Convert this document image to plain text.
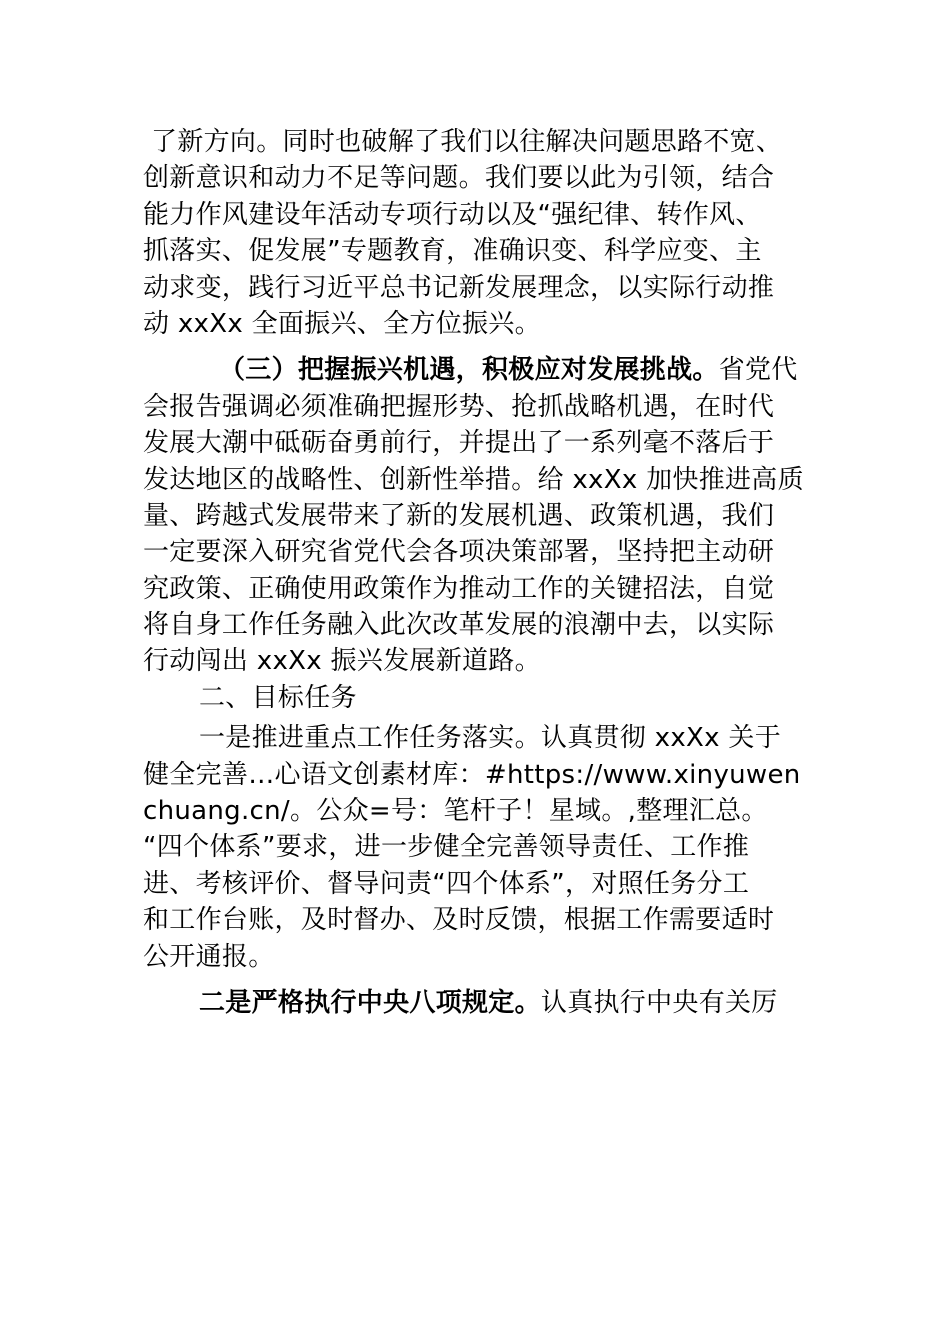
了新方向。同时也破解了我们以往解决问题思路不宽、
创新意识和动力不足等问题。我们要以此为引领，结合
能力作风建设年活动专项行动以及“强纪律、转作风、
抓落实、促发展”专题教育，准确识变、科学应变、主
动求变，践行习近平总书记新发展理念，以实际行动推
动 xxXx 全面振兴、全方位振兴。
（三）把握振兴机遇，积极应对发展挑战。省党代
会报告强调必须准确把握形势、抢抓战略机遇，在时代
发展大潮中砥砺奋勇前行，并提出了一系列毫不落后于
发达地区的战略性、创新性举措。给 xxXx 加快推进高质
量、跨越式发展带来了新的发展机遇、政策机遇，我们
一定要深入研究省党代会各项决策部署，坚持把主动研
究政策、正确使用政策作为推动工作的关键招法，自觉
将自身工作任务融入此次改革发展的浪潮中去，以实际
行动闯出 xxXx 振兴发展新道路。
二、目标任务
一是推进重点工作任务落实。认真贯彻 xxXx 关于
健全完善…心语文创素材库：#https://www.xinyuwen
chuang.cn/。公众=号：笔杆子！星域。,整理汇总。
“四个体系”要求，进一步健全完善领导责任、工作推
进、考核评价、督导问责“四个体系”，对照任务分工
和工作台账，及时督办、及时反馈，根据工作需要适时
公开通报。
二是严格执行中央八项规定。认真执行中央有关厉
